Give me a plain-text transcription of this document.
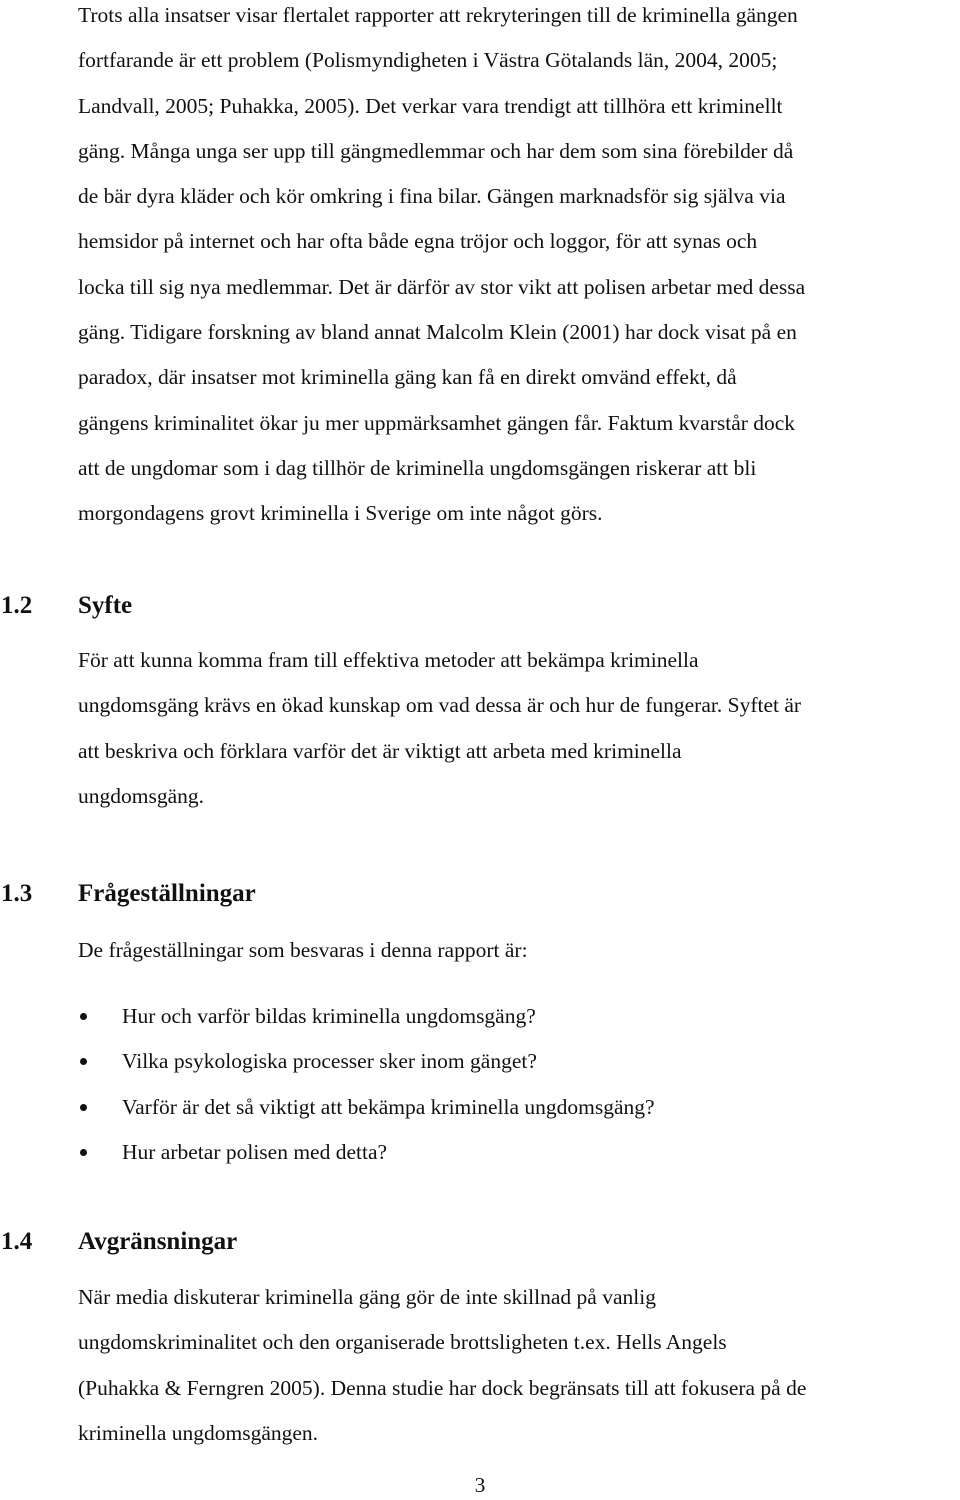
Trots alla insatser visar flertalet rapporter att rekryteringen till de kriminella gängen
fortfarande är ett problem (Polismyndigheten i Västra Götalands län, 2004, 2005;
Landvall, 2005; Puhakka, 2005). Det verkar vara trendigt att tillhöra ett kriminellt
gäng. Många unga ser upp till gängmedlemmar och har dem som sina förebilder då
de bär dyra kläder och kör omkring i fina bilar. Gängen marknadsför sig själva via
hemsidor på internet och har ofta både egna tröjor och loggor, för att synas och
locka till sig nya medlemmar. Det är därför av stor vikt att polisen arbetar med dessa
gäng. Tidigare forskning av bland annat Malcolm Klein (2001) har dock visat på en
paradox, där insatser mot kriminella gäng kan få en direkt omvänd effekt, då
gängens kriminalitet ökar ju mer uppmärksamhet gängen får. Faktum kvarstår dock
att de ungdomar som i dag tillhör de kriminella ungdomsgängen riskerar att bli
morgondagens grovt kriminella i Sverige om inte något görs.

1.2 Syfte

För att kunna komma fram till effektiva metoder att bekämpa kriminella
ungdomsgäng krävs en ökad kunskap om vad dessa är och hur de fungerar. Syftet är
att beskriva och förklara varför det är viktigt att arbeta med kriminella
ungdomsgäng.

1.3 Frågeställningar

De frågeställningar som besvaras i denna rapport är:

Hur och varför bildas kriminella ungdomsgäng?
Vilka psykologiska processer sker inom gänget?
Varför är det så viktigt att bekämpa kriminella ungdomsgäng?
Hur arbetar polisen med detta?
1.4 Avgränsningar

När media diskuterar kriminella gäng gör de inte skillnad på vanlig
ungdomskriminalitet och den organiserade brottsligheten t.ex. Hells Angels
(Puhakka & Ferngren 2005). Denna studie har dock begränsats till att fokusera på de
kriminella ungdomsgängen.

3
